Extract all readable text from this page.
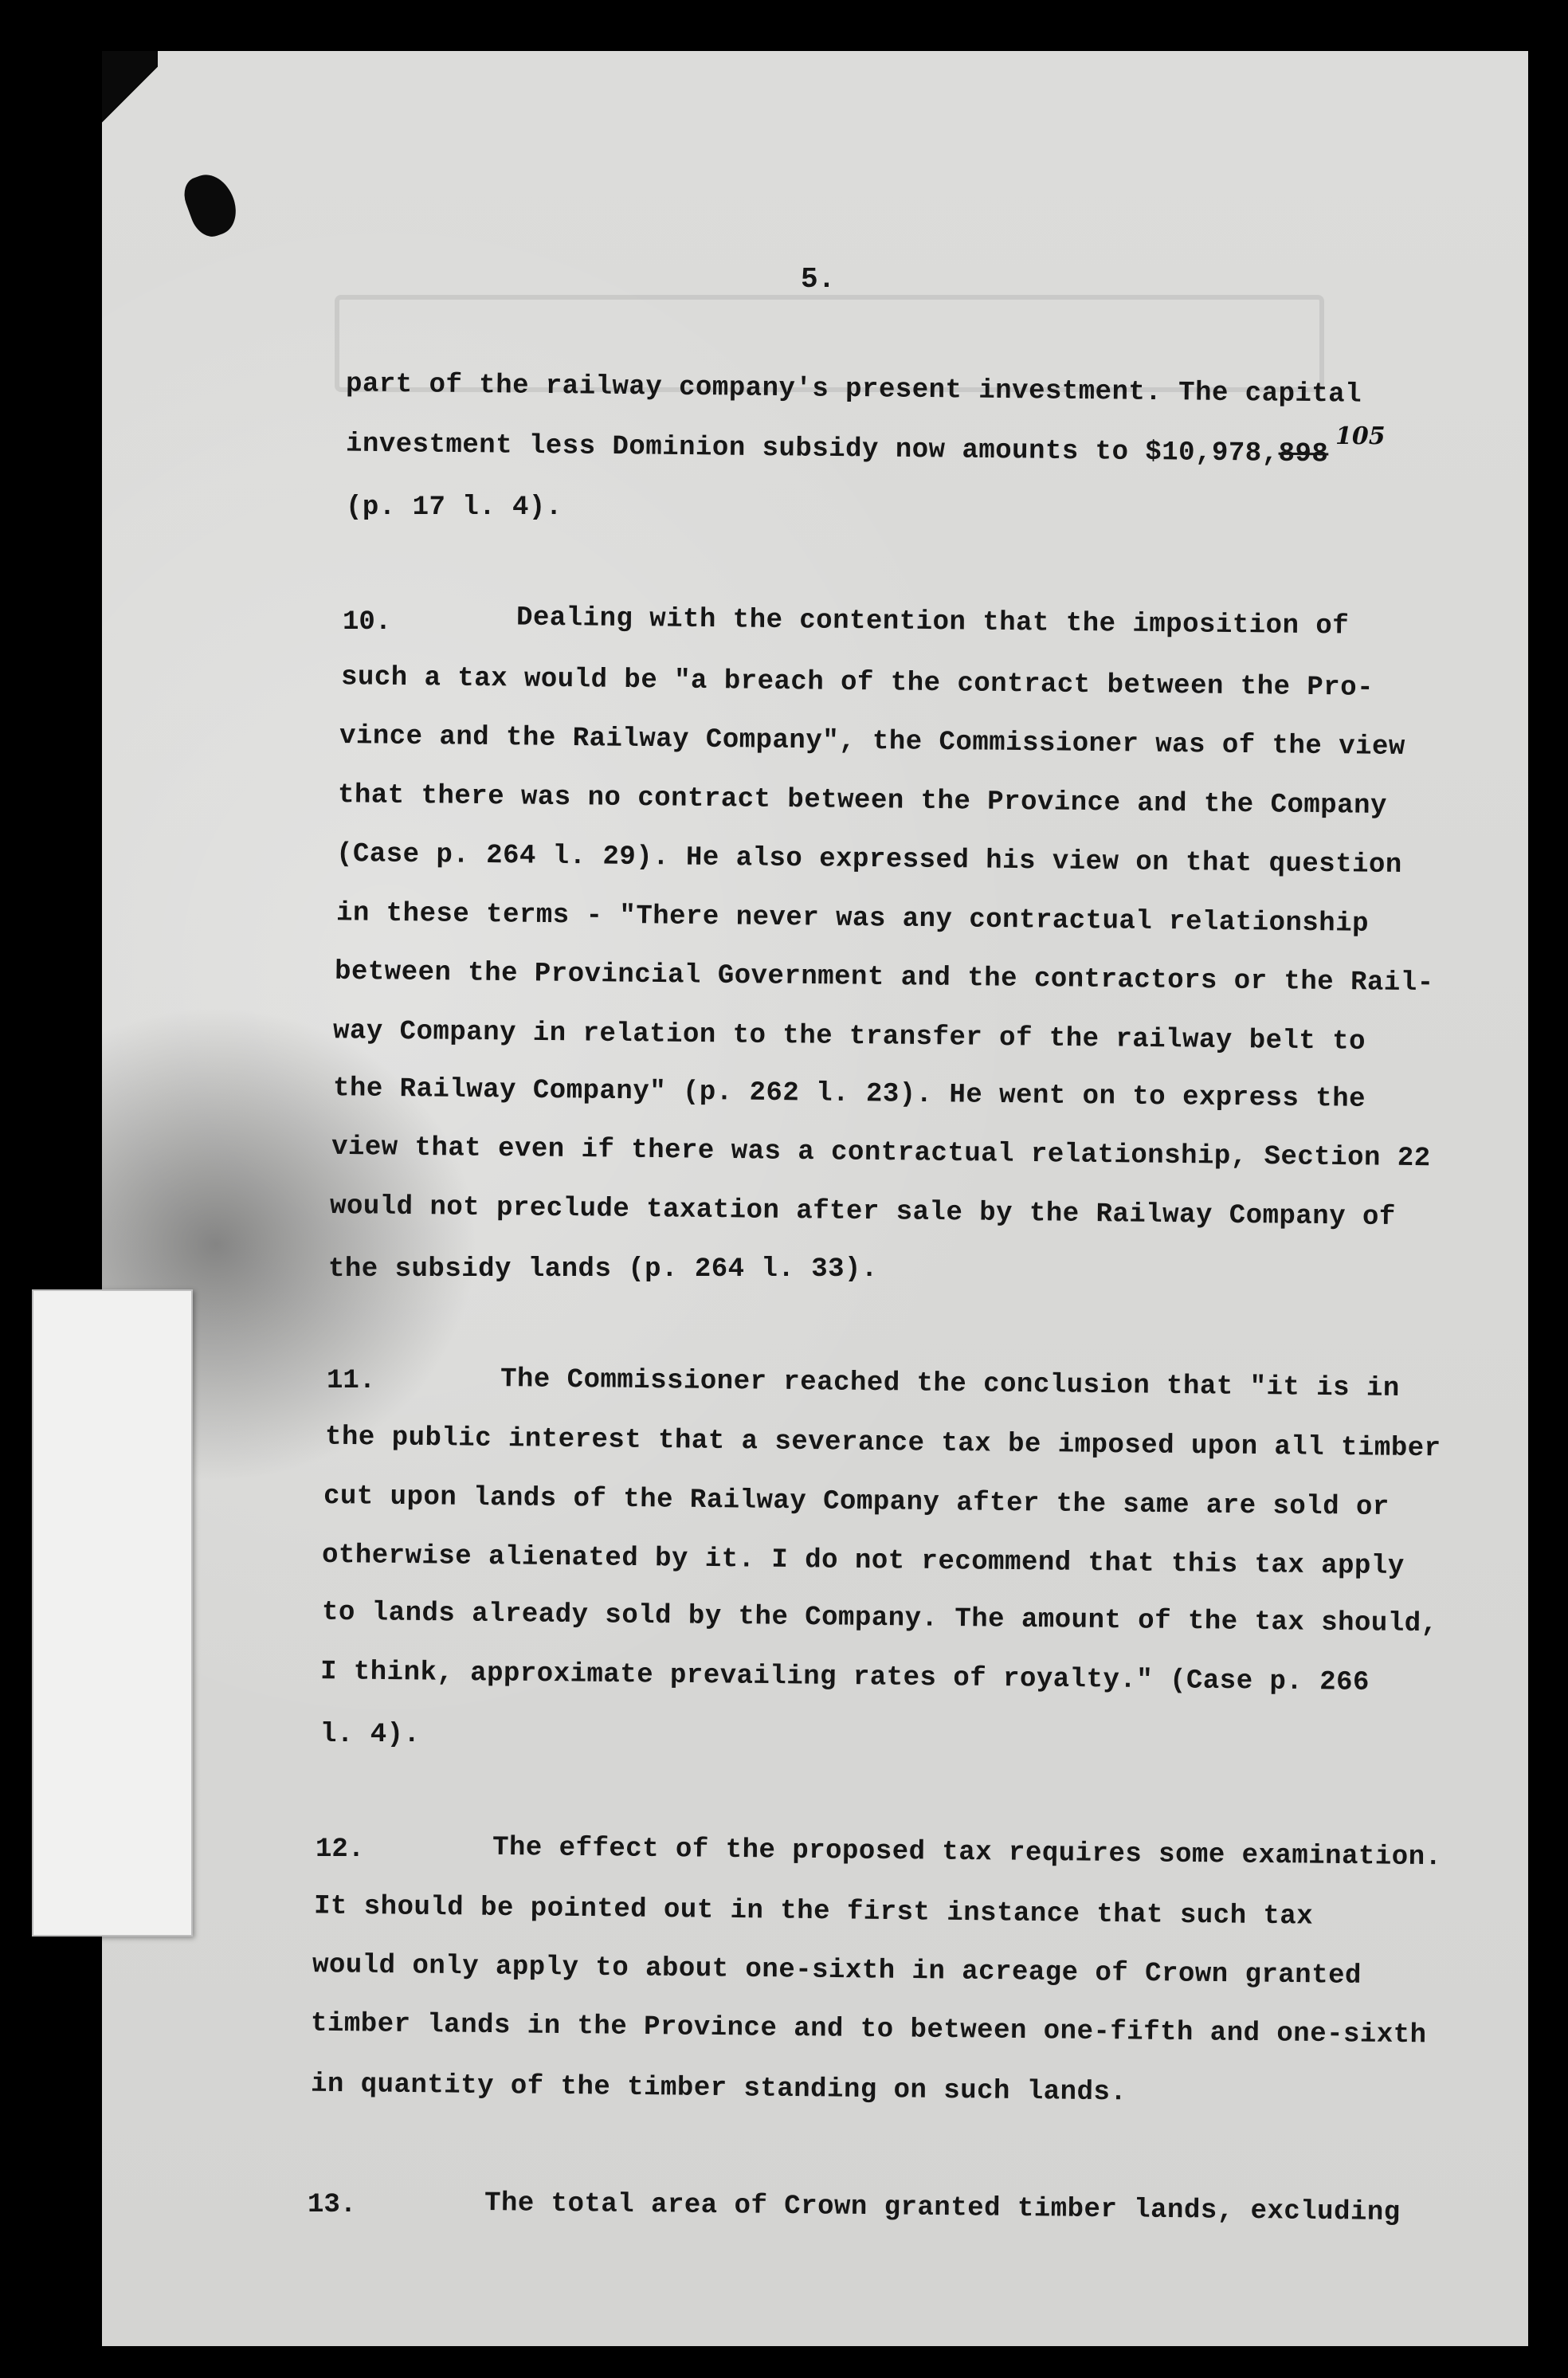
5.
part of the railway company's present investment. The capital
investment less Dominion subsidy now amounts to $10,978,898
105
(p. 17 l. 4).
10.	Dealing with the contention that the imposition of
such a tax would be "a breach of the contract between the Pro-
vince and the Railway Company", the Commissioner was of the view
that there was no contract between the Province and the Company
(Case p. 264 l. 29). He also expressed his view on that question
in these terms - "There never was any contractual relationship
between the Provincial Government and the contractors or the Rail-
way Company in relation to the transfer of the railway belt to
the Railway Company" (p. 262 l. 23). He went on to express the
view that even if there was a contractual relationship, Section 22
would not preclude taxation after sale by the Railway Company of
the subsidy lands (p. 264 l. 33).
11.	The Commissioner reached the conclusion that "it is in
the public interest that a severance tax be imposed upon all timber
cut upon lands of the Railway Company after the same are sold or
otherwise alienated by it. I do not recommend that this tax apply
to lands already sold by the Company. The amount of the tax should,
I think, approximate prevailing rates of royalty." (Case p. 266
l. 4).
12.	The effect of the proposed tax requires some examination.
It should be pointed out in the first instance that such tax
would only apply to about one-sixth in acreage of Crown granted
timber lands in the Province and to between one-fifth and one-sixth
in quantity of the timber standing on such lands.
13.	The total area of Crown granted timber lands, excluding
